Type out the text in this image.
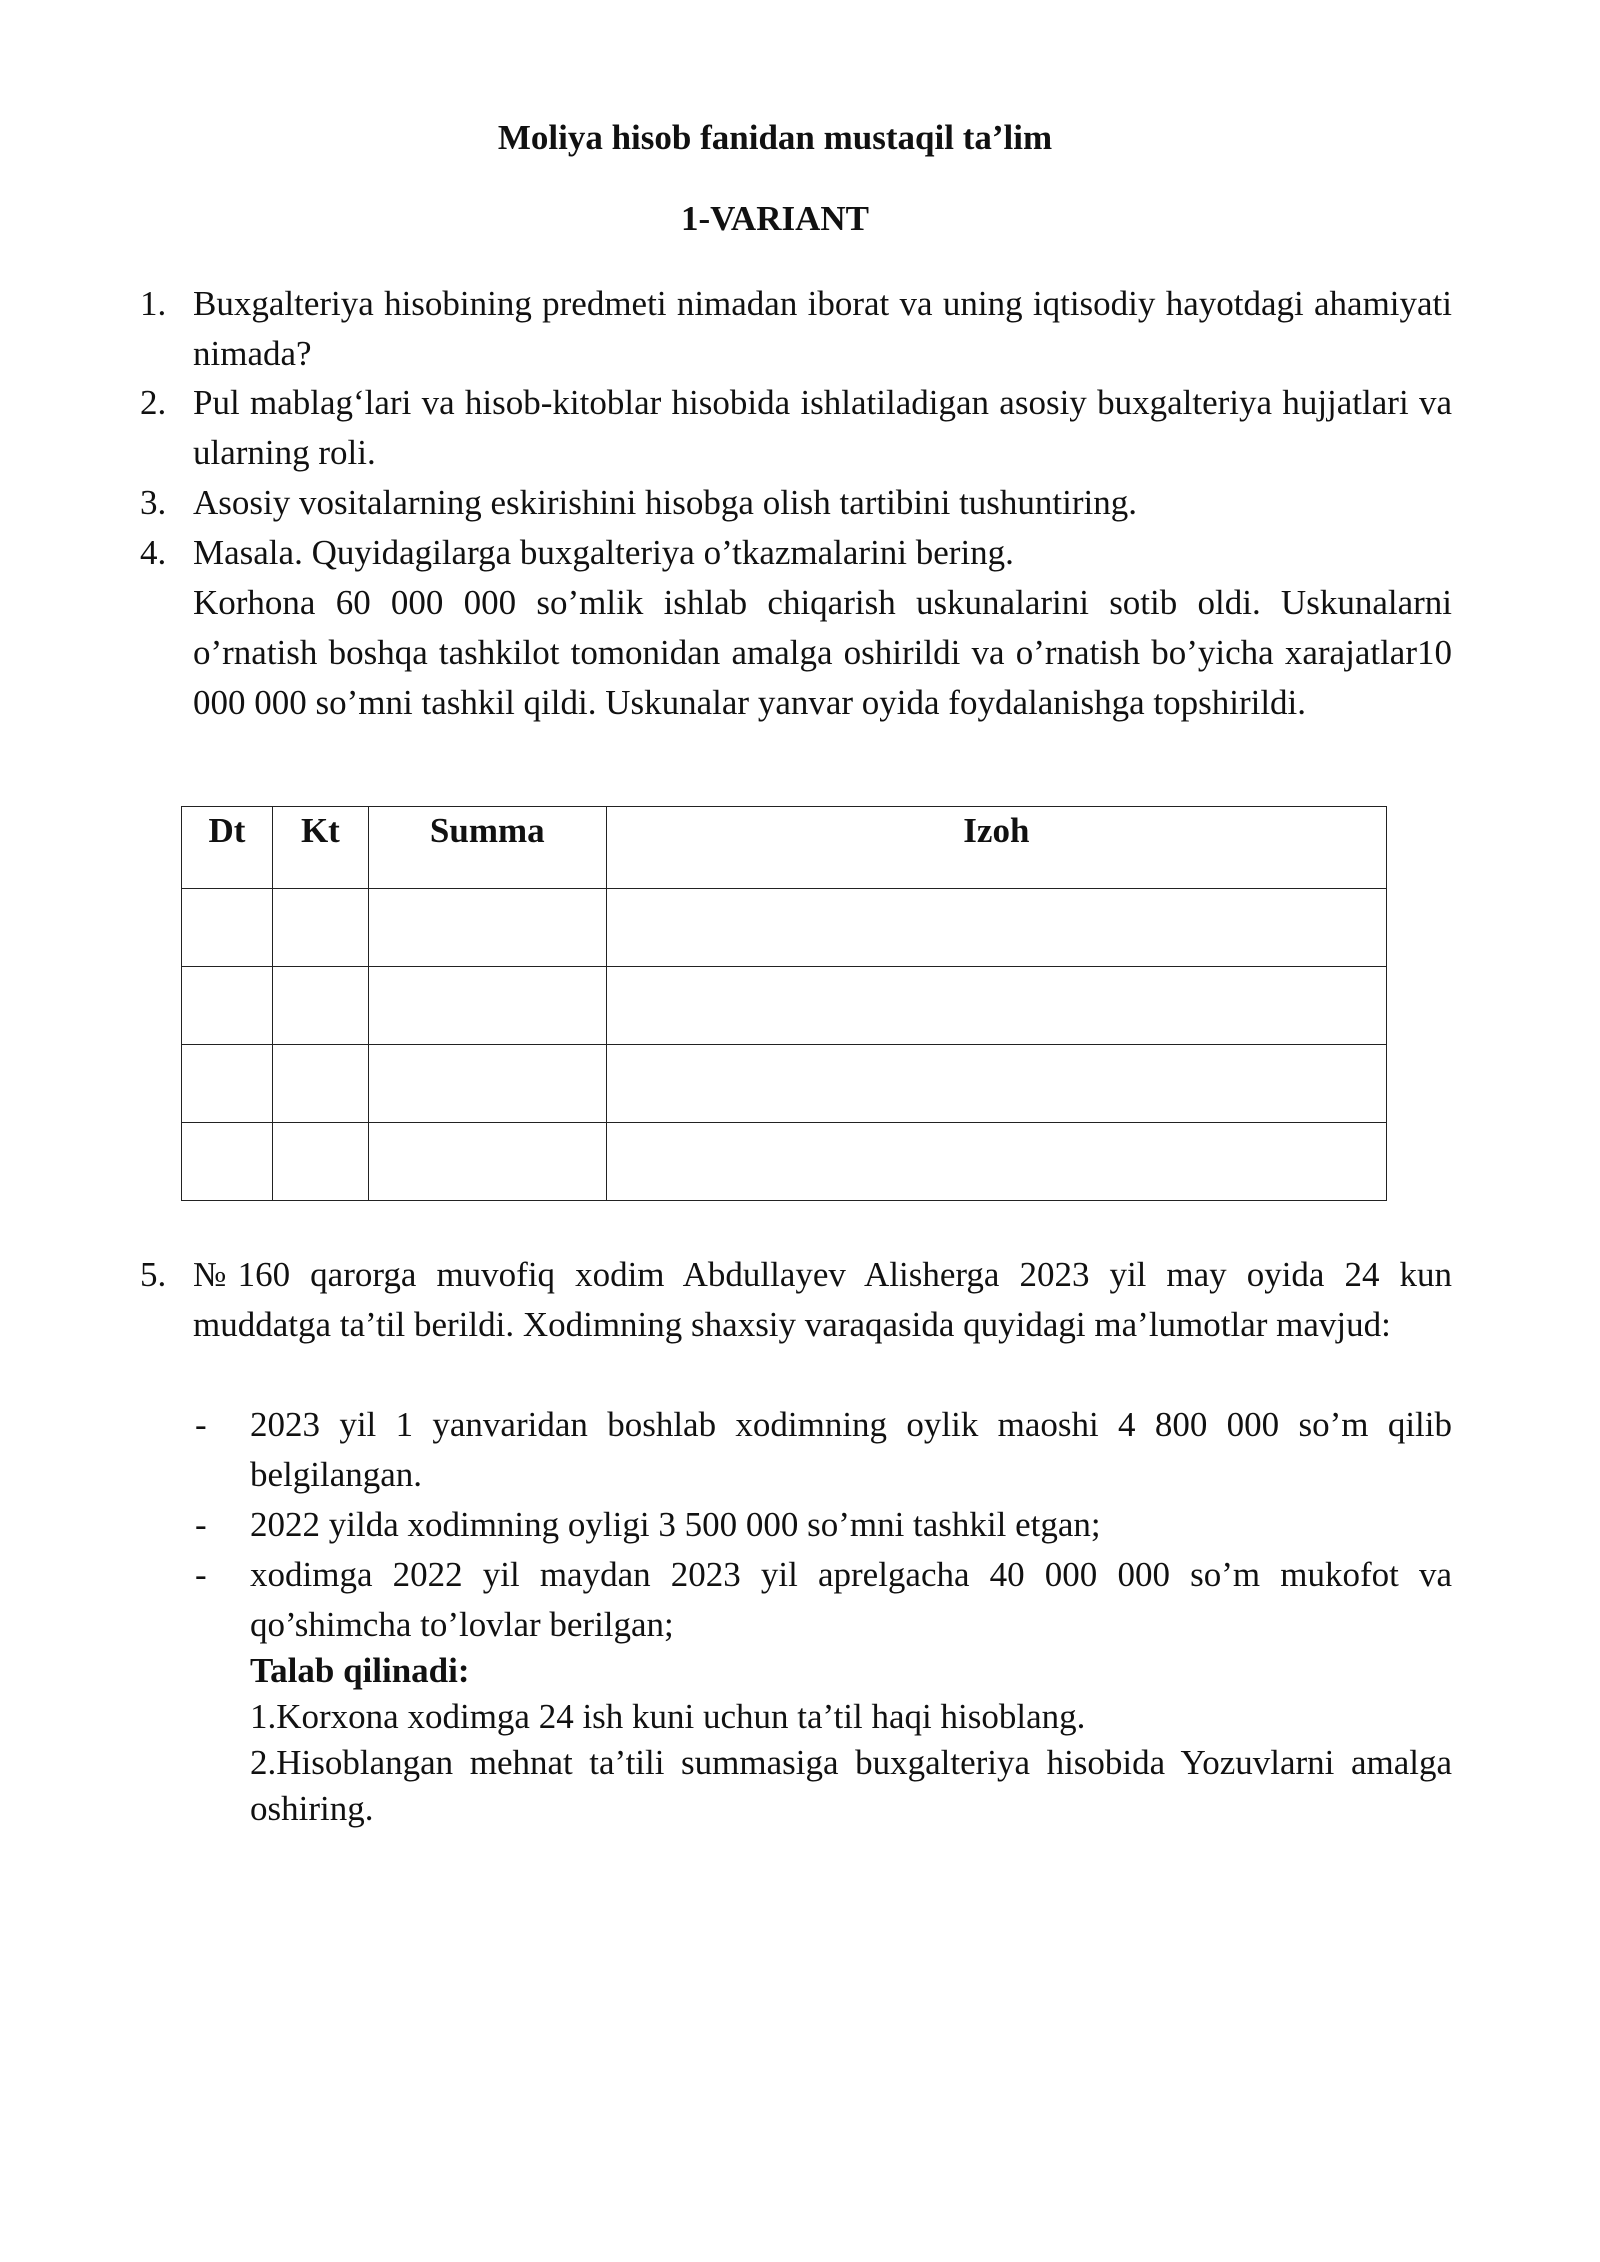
Moliya hisob fanidan mustaqil ta’lim
1-VARIANT
1. Buxgalteriya hisobining predmeti nimadan iborat va uning iqtisodiy hayotdagi ahamiyati nimada?
2. Pul mablag‘lari va hisob-kitoblar hisobida ishlatiladigan asosiy buxgalteriya hujjatlari va ularning roli.
3. Asosiy vositalarning eskirishini hisobga olish tartibini tushuntiring.
4. Masala. Quyidagilarga buxgalteriya o’tkazmalarini bering.
Korhona 60 000 000 so’mlik ishlab chiqarish uskunalarini sotib oldi. Uskunalarni o’rnatish boshqa tashkilot tomonidan amalga oshirildi va o’rnatish bo’yicha xarajatlar10 000 000 so’mni tashkil qildi. Uskunalar yanvar oyida foydalanishga topshirildi.
Dt	Kt	Summa	Izoh

5. №160 qarorga muvofiq xodim Abdullayev Alisherga 2023 yil may oyida 24 kun muddatga ta’til berildi. Xodimning shaxsiy varaqasida quyidagi ma’lumotlar mavjud:
- 2023 yil 1 yanvaridan boshlab xodimning oylik maoshi 4 800 000 so’m qilib belgilangan.
- 2022 yilda xodimning oyligi 3 500 000 so’mni tashkil etgan;
- xodimga 2022 yil maydan 2023 yil aprelgacha 40 000 000 so’m mukofot va qo’shimcha to’lovlar berilgan;
Talab qilinadi:
1.Korxona xodimga 24 ish kuni uchun ta’til haqi hisoblang.
2.Hisoblangan mehnat ta’tili summasiga buxgalteriya hisobida Yozuvlarni amalga oshiring.
